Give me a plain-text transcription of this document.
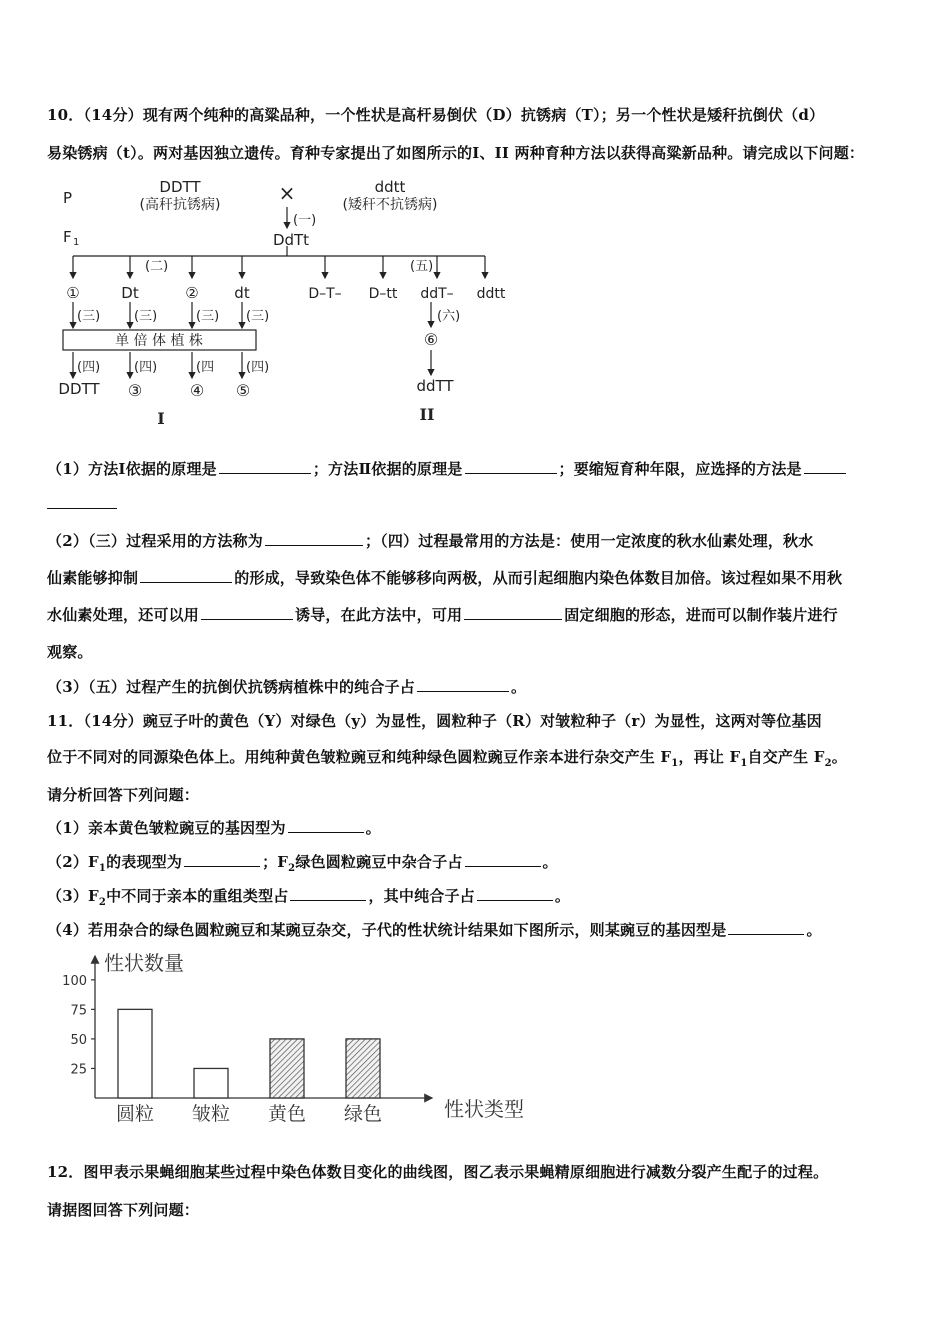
10．（14分）现有两个纯种的高粱品种，一个性状是高杆易倒伏（D）抗锈病（T）；另一个性状是矮秆抗倒伏（d）
易染锈病（t）。两对基因独立遗传。育种专家提出了如图所示的I、II 两种育种方法以获得高粱新品种。请完成以下问题：
P
F 1
DDTT
(高秆抗锈病)	×	ddtt
(矮秆不抗锈病)
(一)
DdTt
(二)	(五)
①	Dt	② dt
(三)	(三)	(三) (三)
单 倍 体 植 株
(四)	(四)	(四 (四)
DDTT ③	④ ⑤
I
D–T– D–tt ddT– ddtt
(六)
⑥
ddTT
II
（1）方法Ⅰ依据的原理是	；方法Ⅱ依据的原理是	；要缩短育种年限，应选择的方法是
（2）（三）过程采用的方法称为	；（四）过程最常用的方法是：使用一定浓度的秋水仙素处理，秋水
仙素能够抑制	的形成，导致染色体不能够移向两极，从而引起细胞内染色体数目加倍。该过程如果不用秋
水仙素处理，还可以用	诱导，在此方法中，可用	固定细胞的形态，进而可以制作装片进行
观察。
（3）（五）过程产生的抗倒伏抗锈病植株中的纯合子占	。
11．（14分）豌豆子叶的黄色（Y）对绿色（y）为显性，圆粒种子（R）对皱粒种子（r）为显性，这两对等位基因
位于不同对的同源染色体上。用纯种黄色皱粒豌豆和纯种绿色圆粒豌豆作亲本进行杂交产生 $F_1$，再让 $F_1$自交产生 $F_2$。
请分析回答下列问题：
（1）亲本黄色皱粒豌豆的基因型为	。
$(2)F_1$的表现型为	；$F_2$绿色圆粒豌豆中杂合子占	。
$(3)F_2$中不同于亲本的重组类型占	，其中纯合子占	。
（4）若用杂合的绿色圆粒豌豆和某豌豆杂交，子代的性状统计结果如下图所示，则某豌豆的基因型是	。
性状数量
性状类型
25
50
75
100
圆粒 皱粒 黄色 绿色
12．图甲表示果蝇细胞某些过程中染色体数目变化的曲线图，图乙表示果蝇精原细胞进行减数分裂产生配子的过程。
请据图回答下列问题：
